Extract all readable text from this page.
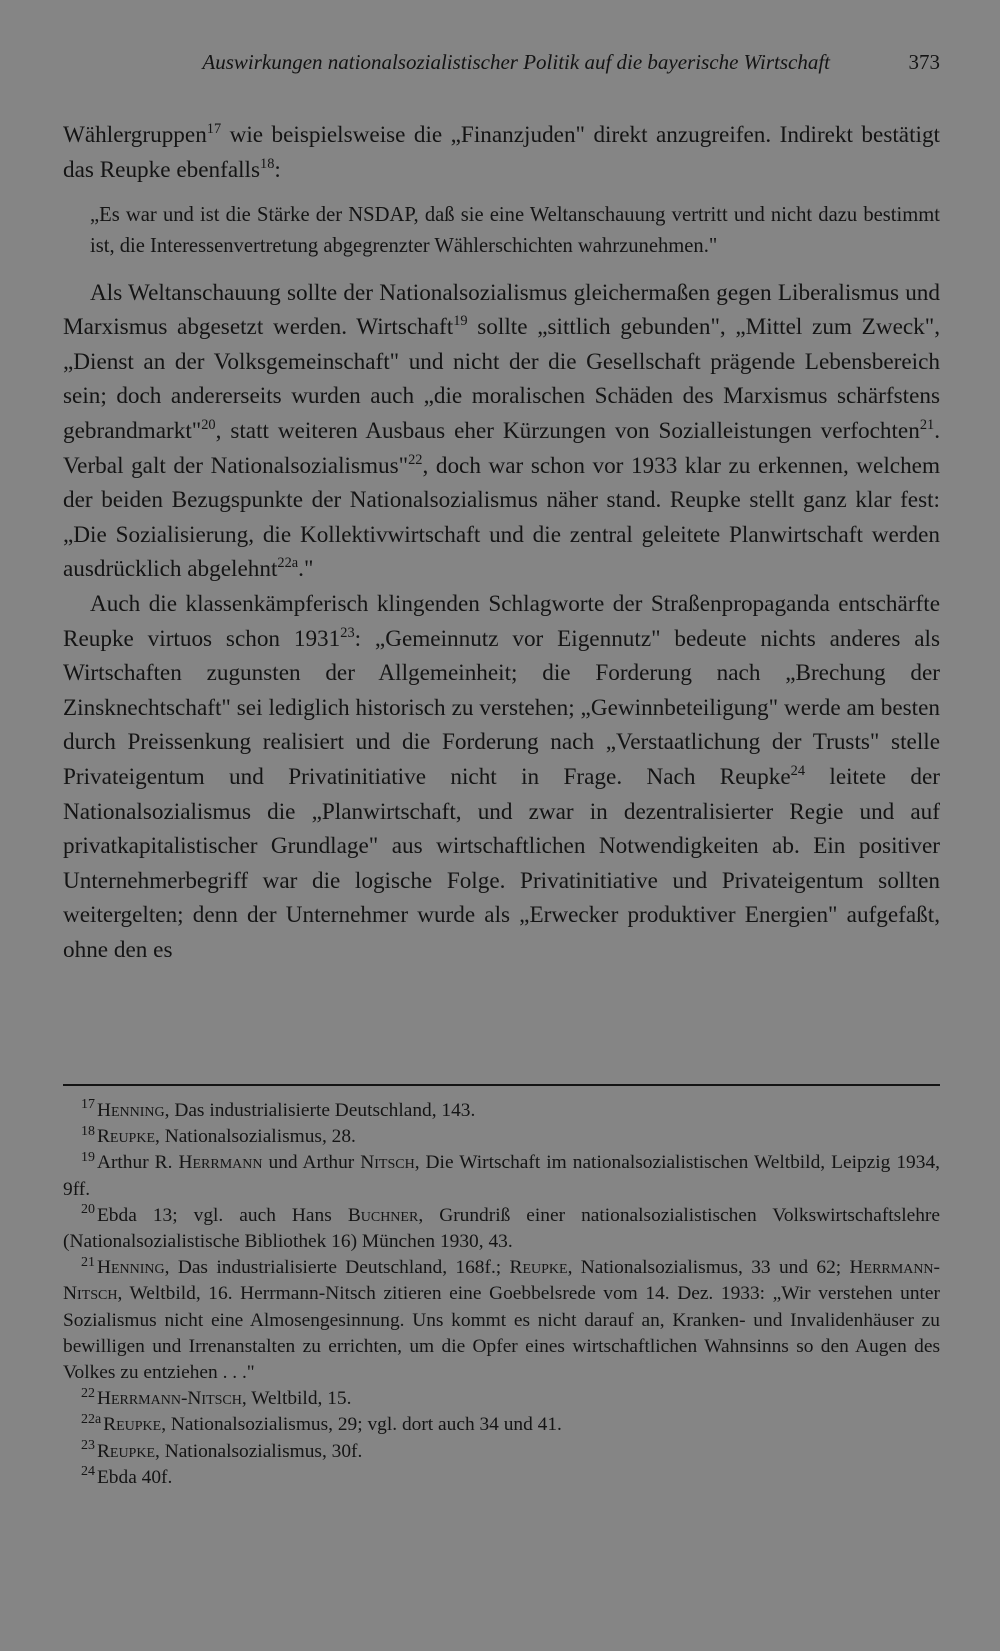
Auswirkungen nationalsozialistischer Politik auf die bayerische Wirtschaft	373

Wählergruppen$^{17}$ wie beispielsweise die „Finanzjuden" direkt anzugreifen. Indirekt bestätigt das Reupke ebenfalls$^{18}$:

„Es war und ist die Stärke der NSDAP, daß sie eine Weltanschauung vertritt und nicht dazu bestimmt ist, die Interessenvertretung abgegrenzter Wählerschichten wahrzunehmen."

Als Weltanschauung sollte der Nationalsozialismus gleichermaßen gegen Liberalismus und Marxismus abgesetzt werden. Wirtschaft$^{19}$ sollte „sittlich gebunden", „Mittel zum Zweck", „Dienst an der Volksgemeinschaft" und nicht der die Gesellschaft prägende Lebensbereich sein; doch andererseits wurden auch „die moralischen Schäden des Marxismus schärfstens gebrandmarkt"$^{20}$, statt weiteren Ausbaus eher Kürzungen von Sozialleistungen verfochten$^{21}$. Verbal galt der Nationalsozialismus"$^{22}$, doch war schon vor 1933 klar zu erkennen, welchem der beiden Bezugspunkte der Nationalsozialismus näher stand. Reupke stellt ganz klar fest: „Die Sozialisierung, die Kollektivwirtschaft und die zentral geleitete Planwirtschaft werden ausdrücklich abgelehnt$^{22a}$."

Auch die klassenkämpferisch klingenden Schlagworte der Straßenpropaganda entschärfte Reupke virtuos schon 1931$^{23}$: „Gemeinnutz vor Eigennutz" bedeute nichts anderes als Wirtschaften zugunsten der Allgemeinheit; die Forderung nach „Brechung der Zinsknechtschaft" sei lediglich historisch zu verstehen; „Gewinnbeteiligung" werde am besten durch Preissenkung realisiert und die Forderung nach „Verstaatlichung der Trusts" stelle Privateigentum und Privatinitiative nicht in Frage. Nach Reupke$^{24}$ leitete der Nationalsozialismus die „Planwirtschaft, und zwar in dezentralisierter Regie und auf privatkapitalistischer Grundlage" aus wirtschaftlichen Notwendigkeiten ab. Ein positiver Unternehmerbegriff war die logische Folge. Privatinitiative und Privateigentum sollten weitergelten; denn der Unternehmer wurde als „Erwecker produktiver Energien" aufgefaßt, ohne den es

$^{17}$ Henning, Das industrialisierte Deutschland, 143.

$^{18}$ Reupke, Nationalsozialismus, 28.

$^{19}$ Arthur R. Herrmann und Arthur Nitsch, Die Wirtschaft im nationalsozialistischen Weltbild, Leipzig 1934, 9ff.

$^{20}$ Ebda 13; vgl. auch Hans Buchner, Grundriß einer nationalsozialistischen Volkswirtschaftslehre (Nationalsozialistische Bibliothek 16) München 1930, 43.

$^{21}$ Henning, Das industrialisierte Deutschland, 168f.; Reupke, Nationalsozialismus, 33 und 62; Herrmann-Nitsch, Weltbild, 16. Herrmann-Nitsch zitieren eine Goebbelsrede vom 14. Dez. 1933: „Wir verstehen unter Sozialismus nicht eine Almosengesinnung. Uns kommt es nicht darauf an, Kranken- und Invalidenhäuser zu bewilligen und Irrenanstalten zu errichten, um die Opfer eines wirtschaftlichen Wahnsinns so den Augen des Volkes zu entziehen . . ."

$^{22}$ Herrmann-Nitsch, Weltbild, 15.

$^{22a}$ Reupke, Nationalsozialismus, 29; vgl. dort auch 34 und 41.

$^{23}$ Reupke, Nationalsozialismus, 30f.

$^{24}$ Ebda 40f.
